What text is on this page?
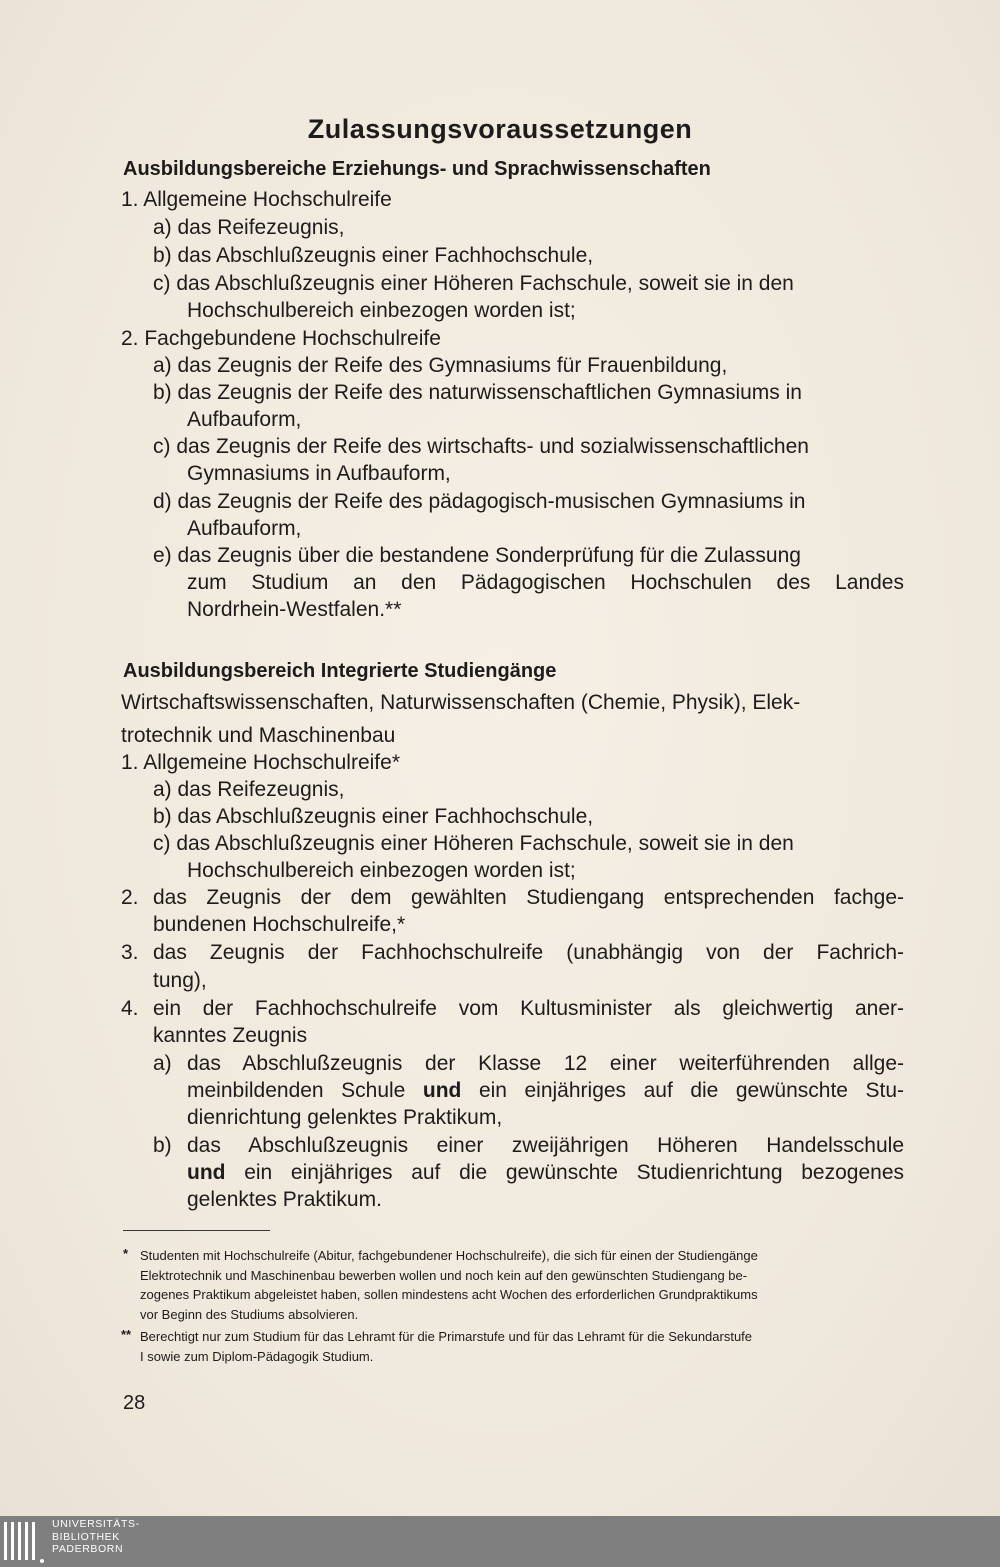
Zulassungsvoraussetzungen
Ausbildungsbereiche Erziehungs- und Sprachwissenschaften

1. Allgemeine Hochschulreife

a) das Reifezeugnis,

b) das Abschlußzeugnis einer Fachhochschule,

c) das Abschlußzeugnis einer Höheren Fachschule, soweit sie in den

Hochschulbereich einbezogen worden ist;

2. Fachgebundene Hochschulreife

a) das Zeugnis der Reife des Gymnasiums für Frauenbildung,

b) das Zeugnis der Reife des naturwissenschaftlichen Gymnasiums in

Aufbauform,

c) das Zeugnis der Reife des wirtschafts- und sozialwissenschaftlichen

Gymnasiums in Aufbauform,

d) das Zeugnis der Reife des pädagogisch-musischen Gymnasiums in

Aufbauform,

e) das Zeugnis über die bestandene Sonderprüfung für die Zulassung

zum Studium an den Pädagogischen Hochschulen des Landes

Nordrhein-Westfalen.**

Ausbildungsbereich Integrierte Studiengänge

Wirtschaftswissenschaften, Naturwissenschaften (Chemie, Physik), Elek-

trotechnik und Maschinenbau

1. Allgemeine Hochschulreife*

a) das Reifezeugnis,

b) das Abschlußzeugnis einer Fachhochschule,

c) das Abschlußzeugnis einer Höheren Fachschule, soweit sie in den

Hochschulbereich einbezogen worden ist;

2. das Zeugnis der dem gewählten Studiengang entsprechenden fachge-

bundenen Hochschulreife,*

3. das Zeugnis der Fachhochschulreife (unabhängig von der Fachrich-

tung),

4. ein der Fachhochschulreife vom Kultusminister als gleichwertig aner-

kanntes Zeugnis

a) das Abschlußzeugnis der Klasse 12 einer weiterführenden allge-

meinbildenden Schule und ein einjähriges auf die gewünschte Stu-

dienrichtung gelenktes Praktikum,

b) das Abschlußzeugnis einer zweijährigen Höheren Handelsschule

und ein einjähriges auf die gewünschte Studienrichtung bezogenes

gelenktes Praktikum.

* Studenten mit Hochschulreife (Abitur, fachgebundener Hochschulreife), die sich für einen der Studiengänge
Elektrotechnik und Maschinenbau bewerben wollen und noch kein auf den gewünschten Studiengang be-
zogenes Praktikum abgeleistet haben, sollen mindestens acht Wochen des erforderlichen Grundpraktikums
vor Beginn des Studiums absolvieren.

** Berechtigt nur zum Studium für das Lehramt für die Primarstufe und für das Lehramt für die Sekundarstufe
I sowie zum Diplom-Pädagogik Studium.

28

UNIVERSITÄTS-
BIBLIOTHEK
PADERBORN
